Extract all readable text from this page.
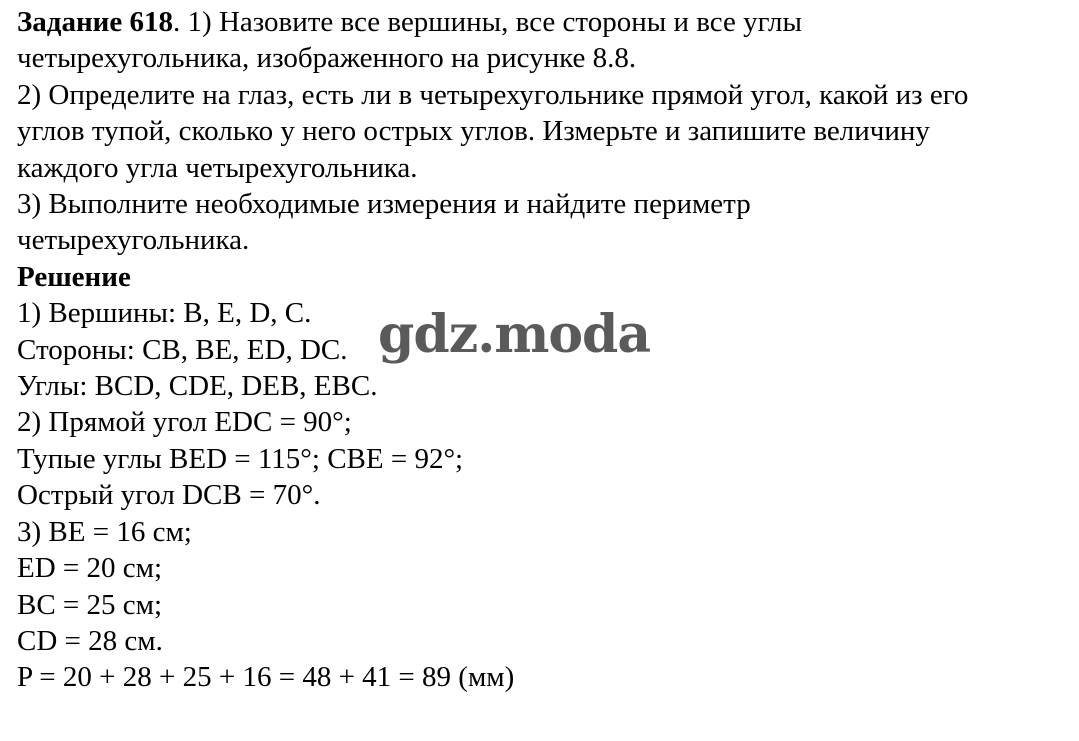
Задание 618. 1) Назовите все вершины, все стороны и все углы
четырехугольника, изображенного на рисунке 8.8.
2) Определите на глаз, есть ли в четырехугольнике прямой угол, какой из его
углов тупой, сколько у него острых углов. Измерьте и запишите величину
каждого угла четырехугольника.
3) Выполните необходимые измерения и найдите периметр
четырехугольника.
Решение
1) Вершины: B, E, D, C.
Стороны: CB, BE, ED, DC.
Углы: BCD, CDE, DEB, EBC.
2) Прямой угол EDC = 90°;
Тупые углы BED = 115°; CBE = 92°;
Острый угол DCB = 70°.
3) BE = 16 см;
ED = 20 см;
BC = 25 см;
CD = 28 см.
P = 20 + 28 + 25 + 16 = 48 + 41 = 89 (мм)
gdz.moda
